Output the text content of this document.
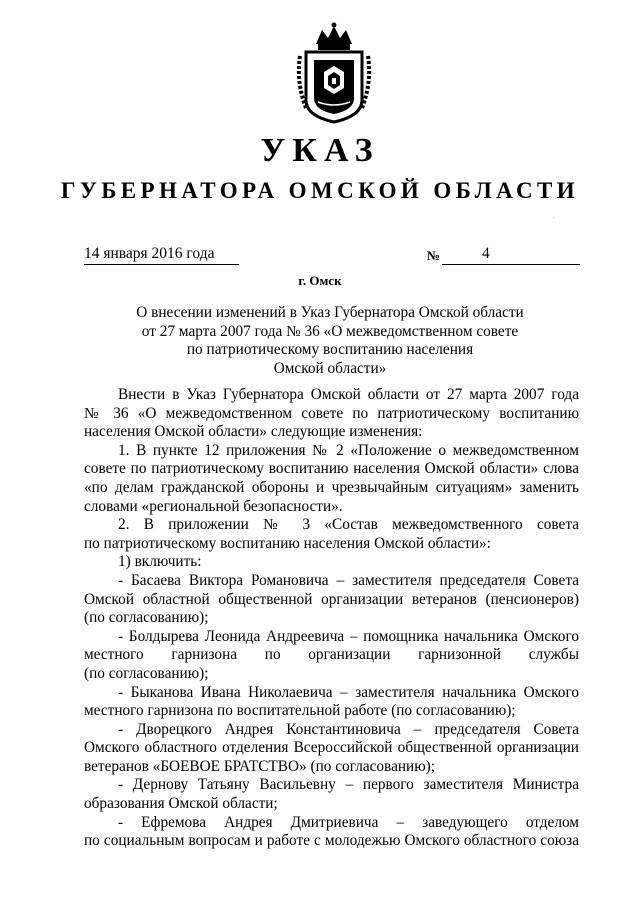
УКАЗ
ГУБЕРНАТОРА ОМСКОЙ ОБЛАСТИ
14 января 2016 года	№	4
г. Омск
О внесении изменений в Указ Губернатора Омской области
от 27 марта 2007 года № 36 «О межведомственном совете
по патриотическому воспитанию населения
Омской области»
Внести в Указ Губернатора Омской области от 27 марта 2007 года
№ 36 «О межведомственном совете по патриотическому воспитанию
населения Омской области» следующие изменения:
1. В пункте 12 приложения № 2 «Положение о межведомственном
совете по патриотическому воспитанию населения Омской области» слова
«по делам гражданской обороны и чрезвычайным ситуациям» заменить
словами «региональной безопасности».
2. В приложении № 3 «Состав межведомственного совета
по патриотическому воспитанию населения Омской области»:
1) включить:
- Басаева Виктора Романовича – заместителя председателя Совета
Омской областной общественной организации ветеранов (пенсионеров)
(по согласованию);
- Болдырева Леонида Андреевича – помощника начальника Омского
местного гарнизона по организации гарнизонной службы
(по согласованию);
- Быканова Ивана Николаевича – заместителя начальника Омского
местного гарнизона по воспитательной работе (по согласованию);
- Дворецкого Андрея Константиновича – председателя Совета
Омского областного отделения Всероссийской общественной организации
ветеранов «БОЕВОЕ БРАТСТВО» (по согласованию);
- Дернову Татьяну Васильевну – первого заместителя Министра
образования Омской области;
- Ефремова Андрея Дмитриевича – заведующего отделом
по социальным вопросам и работе с молодежью Омского областного союза
